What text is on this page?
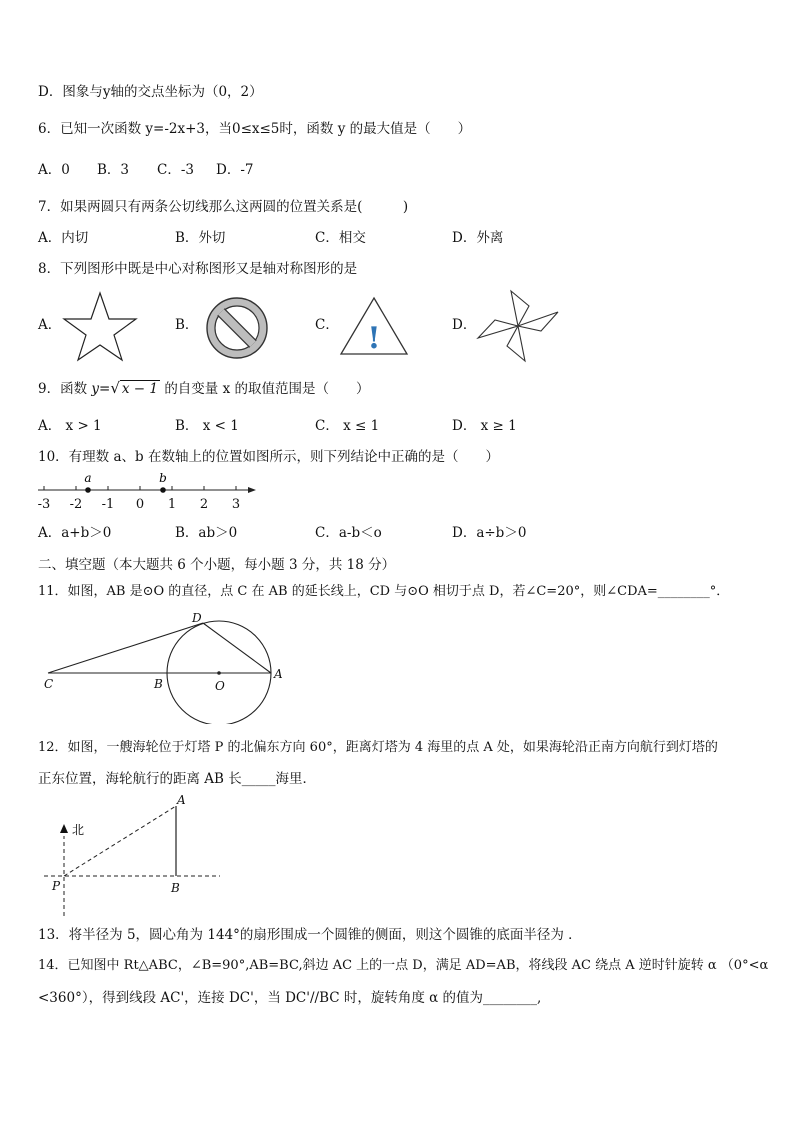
D．图象与y轴的交点坐标为（0，2）
6．已知一次函数 y=-2x+3，当0≤x≤5时，函数 y 的最大值是（　　）
A．0 B．3 C．-3 D．-7
7．如果两圆只有两条公切线那么这两圆的位置关系是(　　　)
A．内切	B．外切	C．相交	D．外离
8．下列图形中既是中心对称图形又是轴对称图形的是
A．	B．	C．	D．
!
9．函数 y=√ x − 1 的自变量 x 的取值范围是（　　）
A． x > 1	B． x < 1	C． x ≤ 1	D． x ≥ 1
10．有理数 a、b 在数轴上的位置如图所示，则下列结论中正确的是（　　）
-3 -2 -1 0 1 2 3
a	b
A．a+b＞0	B．ab＞0	C．a-b＜o	D．a÷b＞0
二、填空题（本大题共 6 个小题，每小题 3 分，共 18 分）
11．如图，AB 是⊙O 的直径，点 C 在 AB 的延长线上，CD 与⊙O 相切于点 D，若∠C=20°，则∠CDA=________°．
C	B	O
A
D
12．如图，一艘海轮位于灯塔 P 的北偏东方向 60°，距离灯塔为 4 海里的点 A 处，如果海轮沿正南方向航行到灯塔的
正东位置，海轮航行的距离 AB 长_____海里．
北
P
A
B
13．将半径为 5，圆心角为 144°的扇形围成一个圆锥的侧面，则这个圆锥的底面半径为 ．
14．已知图中 Rt△ABC，∠B=90°,AB=BC,斜边 AC 上的一点 D，满足 AD=AB，将线段 AC 绕点 A 逆时针旋转 α （0°<α
<360°），得到线段 AC'，连接 DC'，当 DC'//BC 时，旋转角度 α 的值为________,
